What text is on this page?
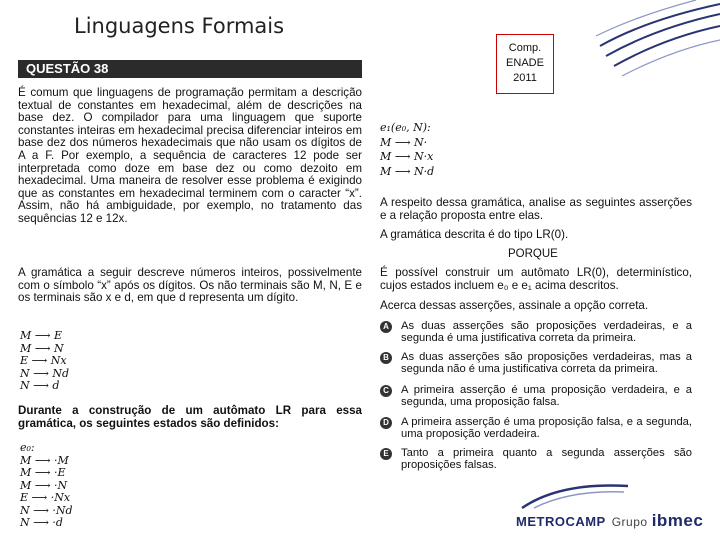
Linguagens Formais
QUESTÃO 38
Comp.
ENADE
2011

É comum que linguagens de programação permitam a descrição textual de constantes em hexadecimal, além de descrições na base dez. O compilador para uma linguagem que suporte constantes inteiras em hexadecimal precisa diferenciar inteiros em base dez dos números hexadecimais que não usam os dígitos de A a F. Por exemplo, a sequência de caracteres 12 pode ser interpretada como doze em base dez ou como dezoito em hexadecimal. Uma maneira de resolver esse problema é exigindo que as constantes em hexadecimal terminem com o caracter “x”. Assim, não há ambiguidade, por exemplo, no tratamento das sequências 12 e 12x.

A gramática a seguir descreve números inteiros, possivelmente com o símbolo “x” após os dígitos. Os não terminais são M, N, E e os terminais são x e d, em que d representa um dígito.

M ⟶ E
M ⟶ N
E ⟶ Nx
N ⟶ Nd
N ⟶ d

Durante a construção de um autômato LR para essa gramática, os seguintes estados são definidos:

e₀:
M ⟶ ·M
M ⟶ ·E
M ⟶ ·N
E ⟶ ·Nx
N ⟶ ·Nd
N ⟶ ·d
e₁(e₀, N):
M ⟶ N·
M ⟶ N·x
M ⟶ N·d

A respeito dessa gramática, analise as seguintes asserções e a relação proposta entre elas.

A gramática descrita é do tipo LR(0).

PORQUE

É possível construir um autômato LR(0), determinístico, cujos estados incluem e₀ e e₁ acima descritos.

Acerca dessas asserções, assinale a opção correta.

A As duas asserções são proposições verdadeiras, e a segunda é uma justificativa correta da primeira.
B As duas asserções são proposições verdadeiras, mas a segunda não é uma justificativa correta da primeira.
C A primeira asserção é uma proposição verdadeira, e a segunda, uma proposição falsa.
D A primeira asserção é uma proposição falsa, e a segunda, uma proposição verdadeira.
E Tanto a primeira quanto a segunda asserções são proposições falsas.
METROCAMP Grupo ibmec
